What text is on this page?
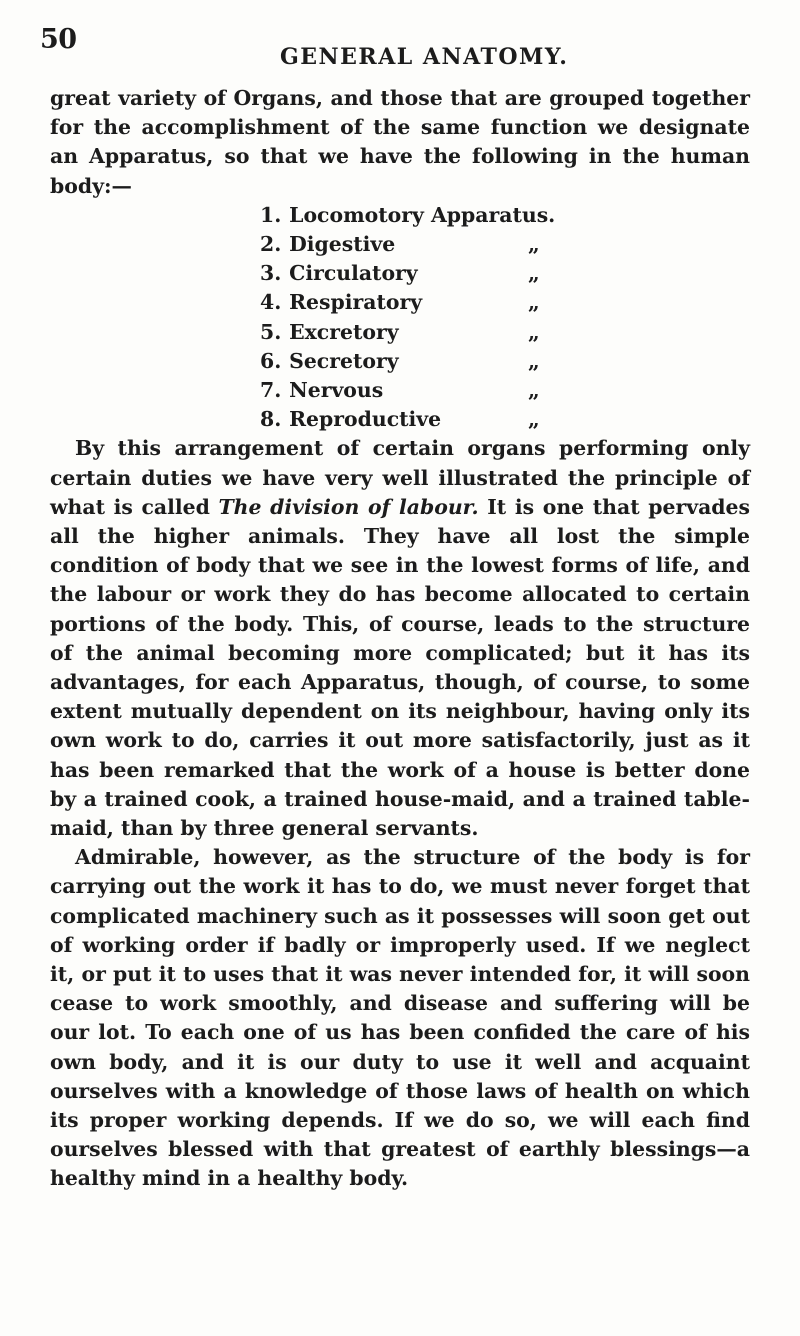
50
GENERAL ANATOMY.

great variety of Organs, and those that are grouped together for the accomplishment of the same function we designate an Apparatus, so that we have the following in the human body:—

1. Locomotory Apparatus.
2. Digestive	„
3. Circulatory	„
4. Respiratory	„
5. Excretory	„
6. Secretory	„
7. Nervous	„
8. Reproductive	„

By this arrangement of certain organs performing only certain duties we have very well illustrated the principle of what is called The division of labour. It is one that pervades all the higher animals. They have all lost the simple condition of body that we see in the lowest forms of life, and the labour or work they do has become allocated to certain portions of the body. This, of course, leads to the structure of the animal becoming more complicated; but it has its advantages, for each Apparatus, though, of course, to some extent mutually dependent on its neighbour, having only its own work to do, carries it out more satisfactorily, just as it has been remarked that the work of a house is better done by a trained cook, a trained house-maid, and a trained table-maid, than by three general servants.

Admirable, however, as the structure of the body is for carrying out the work it has to do, we must never forget that complicated machinery such as it possesses will soon get out of working order if badly or improperly used. If we neglect it, or put it to uses that it was never intended for, it will soon cease to work smoothly, and disease and suffering will be our lot. To each one of us has been confided the care of his own body, and it is our duty to use it well and acquaint ourselves with a knowledge of those laws of health on which its proper working depends. If we do so, we will each find ourselves blessed with that greatest of earthly blessings—a healthy mind in a healthy body.
